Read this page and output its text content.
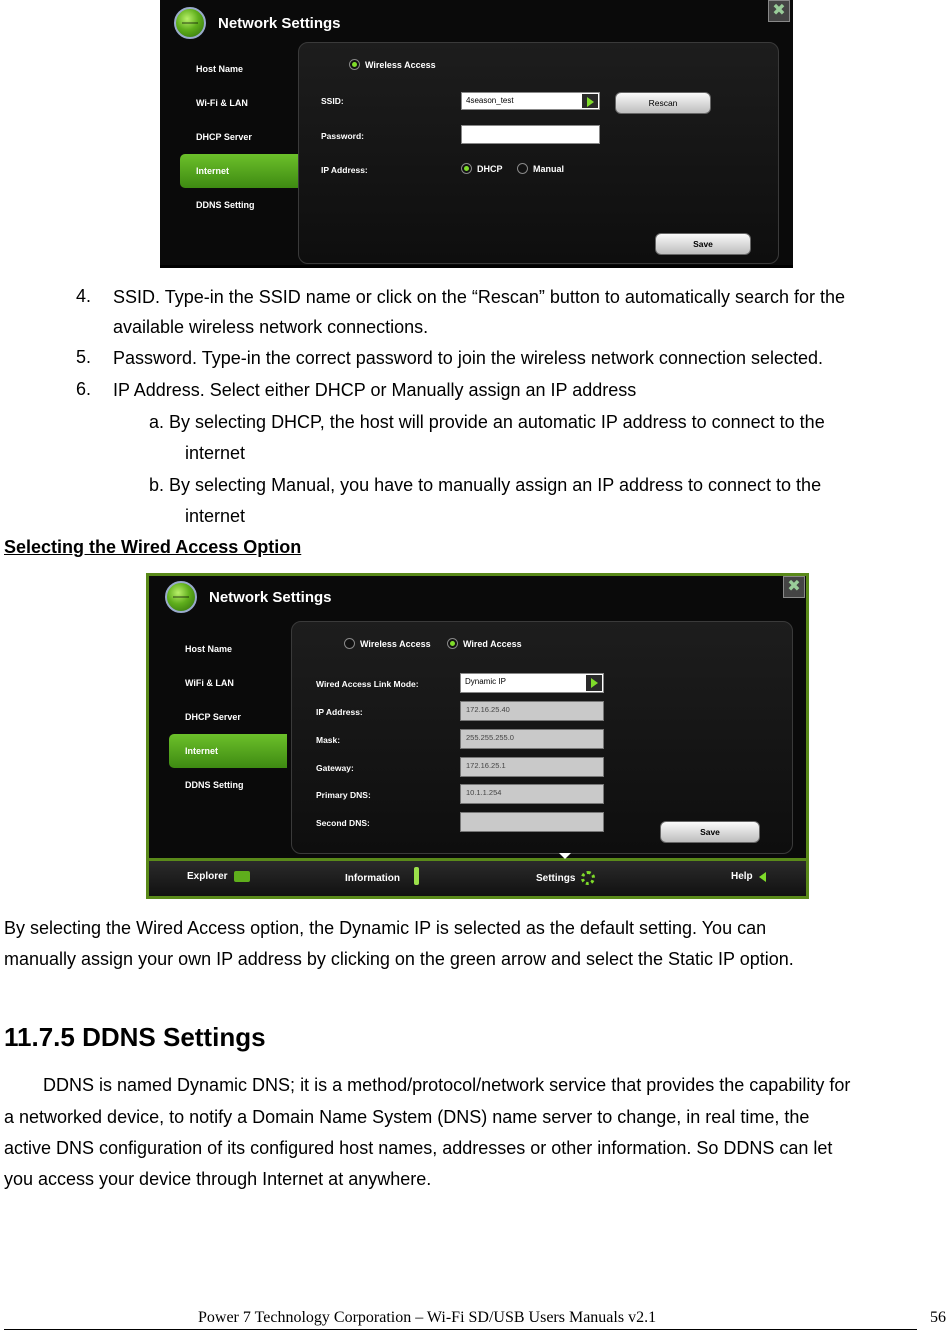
Network Settings
✖
Host Name
Wi-Fi & LAN
DHCP Server
Internet
DDNS Setting
Wireless Access
SSID:	4season_test	Rescan
Password:
IP Address:	DHCP	Manual
Save
4. SSID. Type-in the SSID name or click on the “Rescan” button to automatically search for the
available wireless network connections.
5. Password. Type-in the correct password to join the wireless network connection selected.
6. IP Address. Select either DHCP or Manually assign an IP address
a. By selecting DHCP, the host will provide an automatic IP address to connect to the
internet
b. By selecting Manual, you have to manually assign an IP address to connect to the
internet
Selecting the Wired Access Option
Network Settings
✖
Host Name
WiFi & LAN
DHCP Server
Internet
DDNS Setting
Wireless Access	Wired Access
Wired Access Link Mode:	Dynamic IP
IP Address:	172.16.25.40
Mask:	255.255.255.0
Gateway:	172.16.25.1
Primary DNS:	10.1.1.254
Second DNS:
Save
Explorer	Information	Settings	Help
By selecting the Wired Access option, the Dynamic IP is selected as the default setting. You can
manually assign your own IP address by clicking on the green arrow and select the Static IP option.
11.7.5 DDNS Settings
DDNS is named Dynamic DNS; it is a method/protocol/network service that provides the capability for
a networked device, to notify a Domain Name System (DNS) name server to change, in real time, the
active DNS configuration of its configured host names, addresses or other information. So DDNS can let
you access your device through Internet at anywhere.
Power 7 Technology Corporation – Wi-Fi SD/USB Users Manuals v2.1	56
